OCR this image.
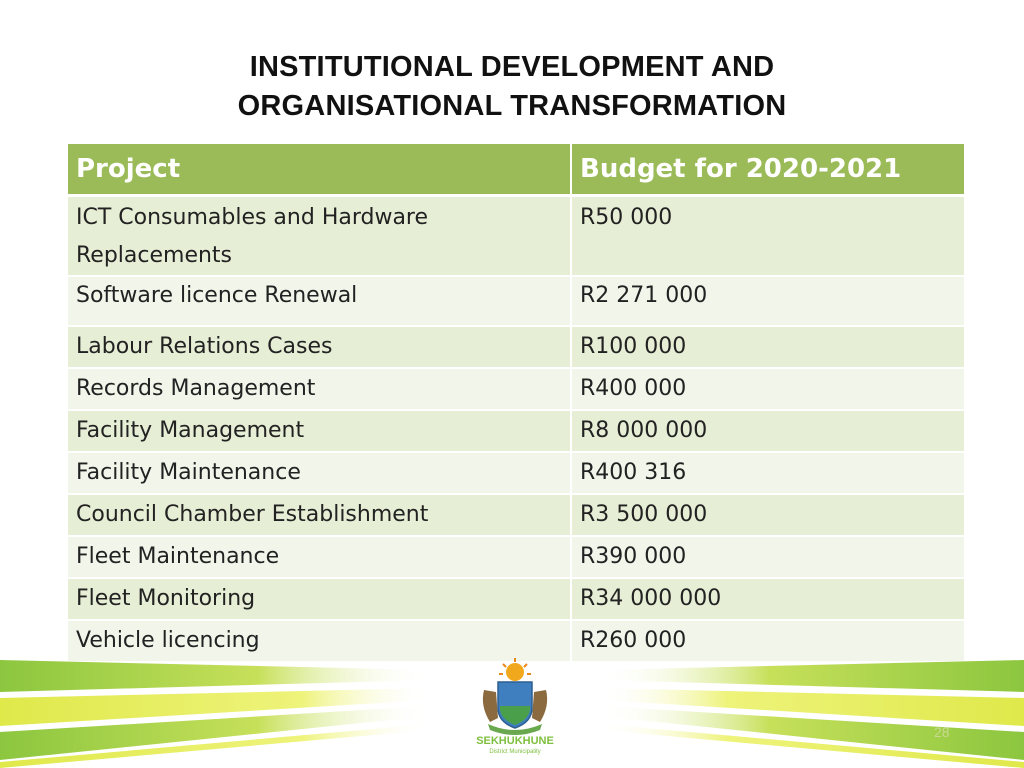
INSTITUTIONAL DEVELOPMENT AND
ORGANISATIONAL TRANSFORMATION
Project	Budget for 2020-2021
ICT Consumables and Hardware Replacements	R50 000
Software licence Renewal	R2 271 000
Labour Relations Cases	R100 000
Records Management	R400 000
Facility Management	R8 000 000
Facility Maintenance	R400 316
Council Chamber Establishment	R3 500 000
Fleet Maintenance	R390 000
Fleet Monitoring	R34 000 000
Vehicle licencing	R260 000
SEKHUKHUNE
District Municipality
28
